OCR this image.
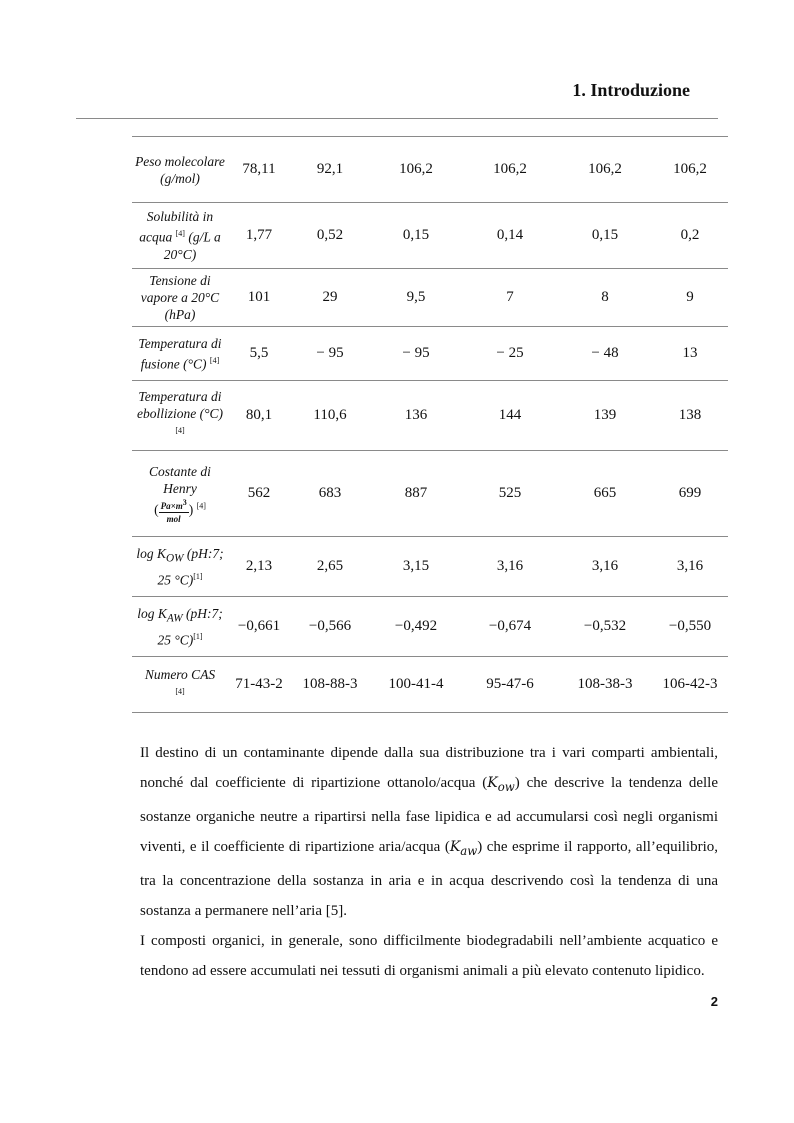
1. Introduzione
Peso molecolare (g/mol)	78,11	92,1	106,2	106,2	106,2	106,2
Solubilità in acqua [4] (g/L a 20°C)	1,77	0,52	0,15	0,14	0,15	0,2
Tensione di vapore a 20°C (hPa)	101	29	9,5	7	8	9
Temperatura di fusione (°C) [4]	5,5	− 95	− 95	− 25	− 48	13
Temperatura di ebollizione (°C) [4]	80,1	110,6	136	144	139	138
Costante di Henry
( $\frac{Pa\times m^3}{\text{mol}}$ ) [4]	562	683	887	525	665	699
$\log K_{OW}$ (pH:7; 25 °C)[1]	2,13	2,65	3,15	3,16	3,16	3,16
$\log K_{AW}$ (pH:7; 25 °C)[1]	−0,661	−0,566	−0,492	−0,674	−0,532	−0,550
Numero CAS
[4]	71-43-2	108-88-3	100-41-4	95-47-6	108-38-3	106-42-3

Il destino di un contaminante dipende dalla sua distribuzione tra i vari comparti ambientali, nonché dal coefficiente di ripartizione ottanolo/acqua $(K_{ow})$ che descrive la tendenza delle sostanze organiche neutre a ripartirsi nella fase lipidica e ad accumularsi così negli organismi viventi, e il coefficiente di ripartizione aria/acqua $(K_{aw})$ che esprime il rapporto, all’equilibrio, tra la concentrazione della sostanza in aria e in acqua descrivendo così la tendenza di una sostanza a permanere nell’aria [5].
I composti organici, in generale, sono difficilmente biodegradabili nell’ambiente acquatico e tendono ad essere accumulati nei tessuti di organismi animali a più elevato contenuto lipidico.

2
